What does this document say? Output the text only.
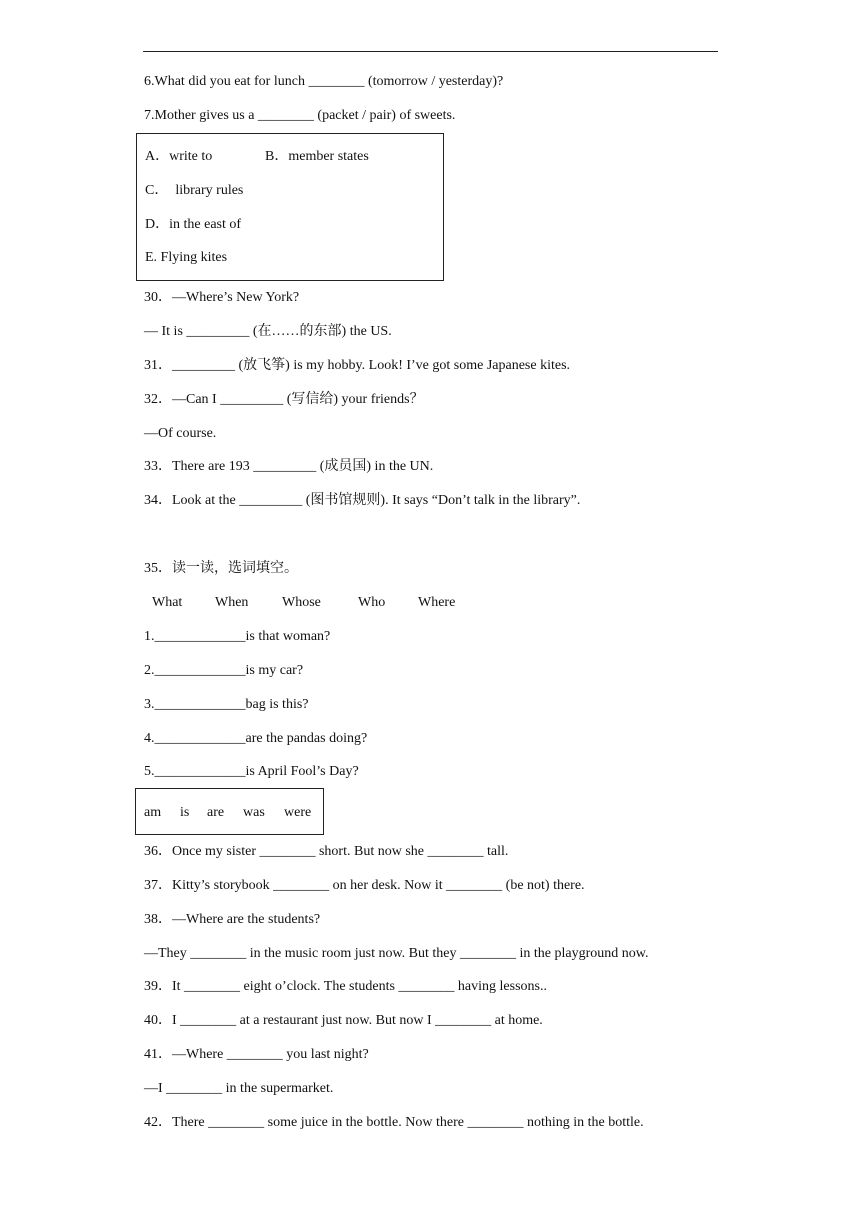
6.What did you eat for lunch ________ (tomorrow / yesterday)?
7.Mother gives us a ________ (packet / pair) of sweets.
A．write to	B．member states
C．  library rules
D．in the east of
E. Flying kites
30．—Where’s New York?
— It is _________ (在……的东部) the US.
31．_________ (放飞筝) is my hobby. Look! I’ve got some Japanese kites.
32．—Can I _________ (写信给) your friends？
—Of course.
33．There are 193 _________ (成员国) in the UN.
34．Look at the _________ (图书馆规则). It says “Don’t talk in the library”.
35．读一读，选词填空。
What When Whose	Who Where
1._____________is that woman?
2._____________is my car?
3._____________bag is this?
4._____________are the pandas doing?
5._____________is April Fool’s Day?
am is are was were
36．Once my sister ________ short. But now she ________ tall.
37．Kitty’s storybook ________ on her desk. Now it ________ (be not) there.
38．—Where are the students?
—They ________ in the music room just now. But they ________ in the playground now.
39．It ________ eight o’clock. The students ________ having lessons..
40．I ________ at a restaurant just now. But now I ________ at home.
41．—Where ________ you last night?
—I ________ in the supermarket.
42．There ________ some juice in the bottle. Now there ________ nothing in the bottle.
